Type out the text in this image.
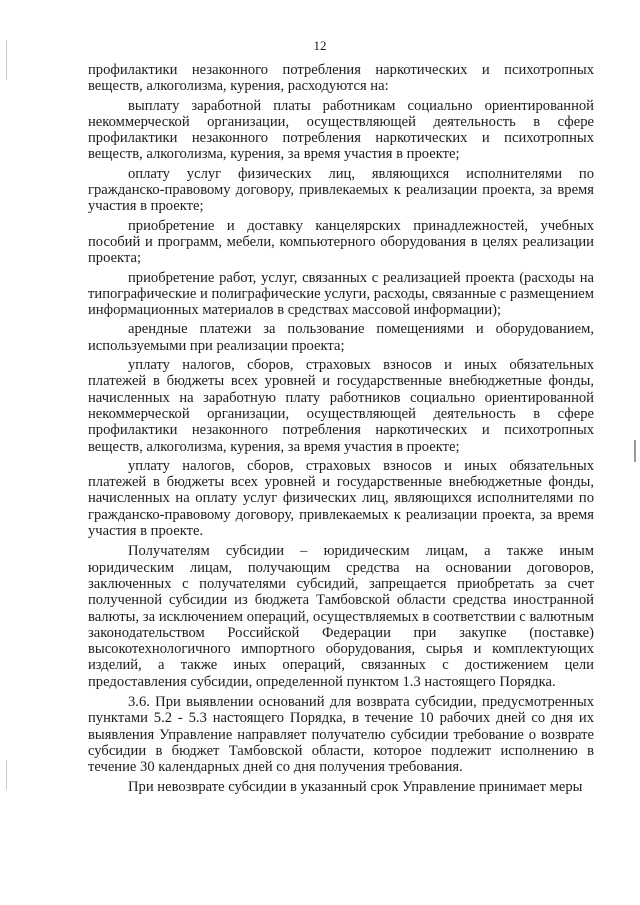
12

профилактики незаконного потребления наркотических и психотропных веществ, алкоголизма, курения, расходуются на:

выплату заработной платы работникам социально ориентированной некоммерческой организации, осуществляющей деятельность в сфере профилактики незаконного потребления наркотических и психотропных веществ, алкоголизма, курения, за время участия в проекте;

оплату услуг физических лиц, являющихся исполнителями по гражданско-правовому договору, привлекаемых к реализации проекта, за время участия в проекте;

приобретение и доставку канцелярских принадлежностей, учебных пособий и программ, мебели, компьютерного оборудования в целях реализации проекта;

приобретение работ, услуг, связанных с реализацией проекта (расходы на типографические и полиграфические услуги, расходы, связанные с размещением информационных материалов в средствах массовой информации);

арендные платежи за пользование помещениями и оборудованием, используемыми при реализации проекта;

уплату налогов, сборов, страховых взносов и иных обязательных платежей в бюджеты всех уровней и государственные внебюджетные фонды, начисленных на заработную плату работников социально ориентированной некоммерческой организации, осуществляющей деятельность в сфере профилактики незаконного потребления наркотических и психотропных веществ, алкоголизма, курения, за время участия в проекте;

уплату налогов, сборов, страховых взносов и иных обязательных платежей в бюджеты всех уровней и государственные внебюджетные фонды, начисленных на оплату услуг физических лиц, являющихся исполнителями по гражданско-правовому договору, привлекаемых к реализации проекта, за время участия в проекте.

Получателям субсидии – юридическим лицам, а также иным юридическим лицам, получающим средства на основании договоров, заключенных с получателями субсидий, запрещается приобретать за счет полученной субсидии из бюджета Тамбовской области средства иностранной валюты, за исключением операций, осуществляемых в соответствии с валютным законодательством Российской Федерации при закупке (поставке) высокотехнологичного импортного оборудования, сырья и комплектующих изделий, а также иных операций, связанных с достижением цели предоставления субсидии, определенной пунктом 1.3 настоящего Порядка.

3.6. При выявлении оснований для возврата субсидии, предусмотренных пунктами 5.2 - 5.3 настоящего Порядка, в течение 10 рабочих дней со дня их выявления Управление направляет получателю субсидии требование о возврате субсидии в бюджет Тамбовской области, которое подлежит исполнению в течение 30 календарных дней со дня получения требования.

При невозврате субсидии в указанный срок Управление принимает меры
